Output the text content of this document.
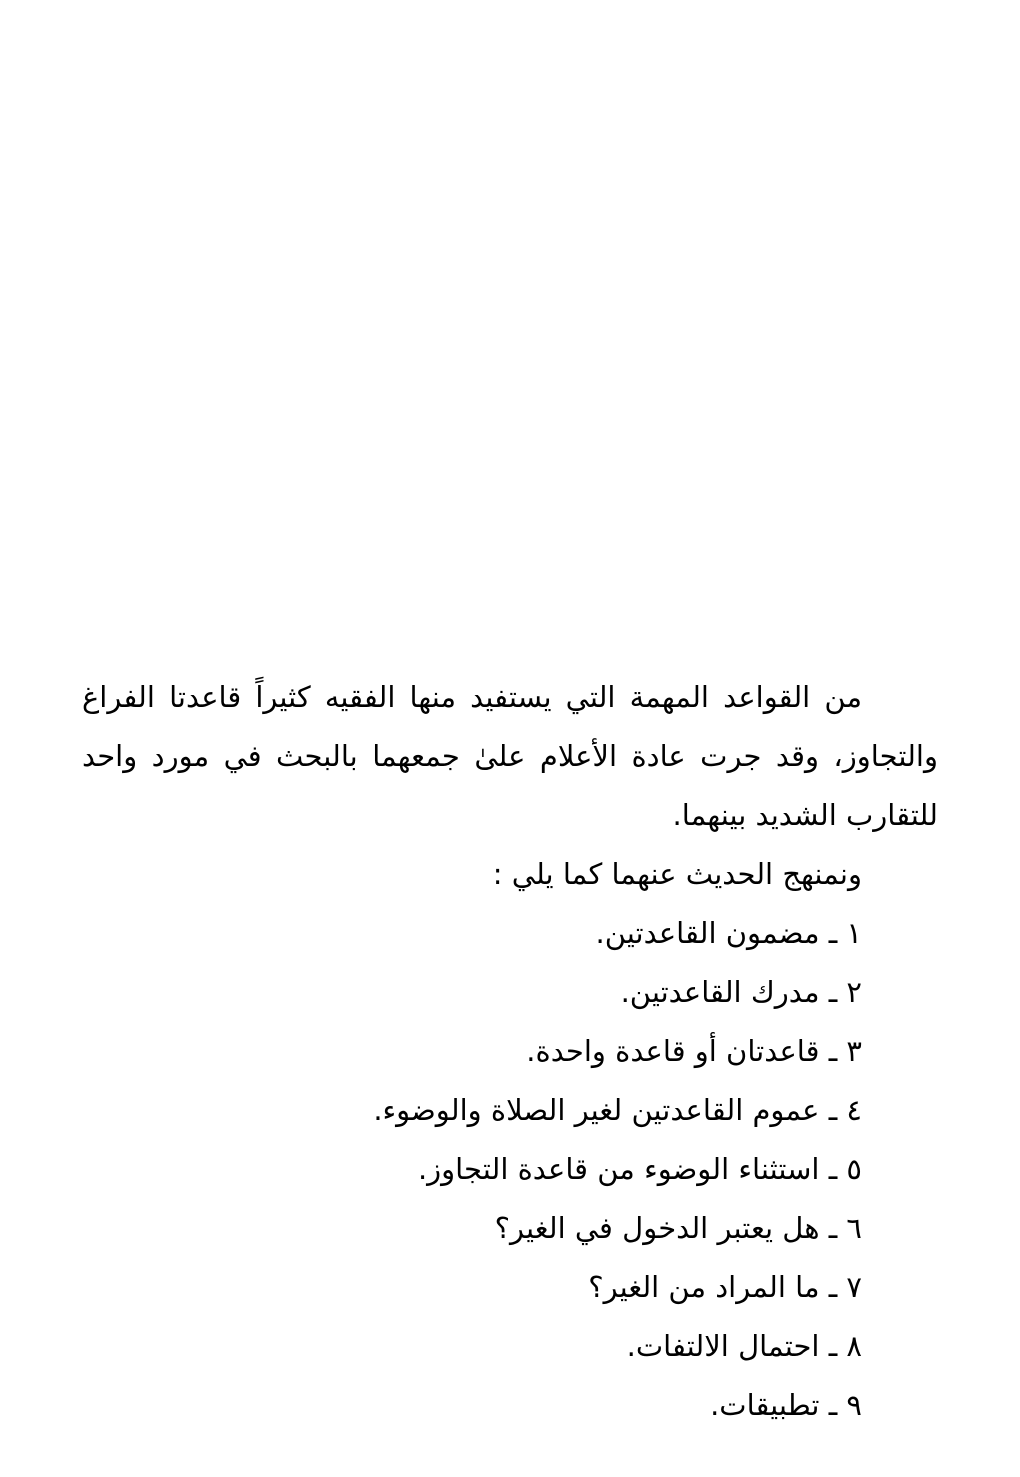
من القواعد المهمة التي يستفيد منها الفقيه كثيراً قاعدتا الفراغ والتجاوز، وقد جرت عادة الأعلام علىٰ جمعهما بالبحث في مورد واحد للتقارب الشديد بينهما.

ونمنهج الحديث عنهما كما يلي :

١ ـ مضمون القاعدتين.
٢ ـ مدرك القاعدتين.
٣ ـ قاعدتان أو قاعدة واحدة.
٤ ـ عموم القاعدتين لغير الصلاة والوضوء.
٥ ـ استثناء الوضوء من قاعدة التجاوز.
٦ ـ هل يعتبر الدخول في الغير؟
٧ ـ ما المراد من الغير؟
٨ ـ احتمال الالتفات.
٩ ـ تطبيقات.
